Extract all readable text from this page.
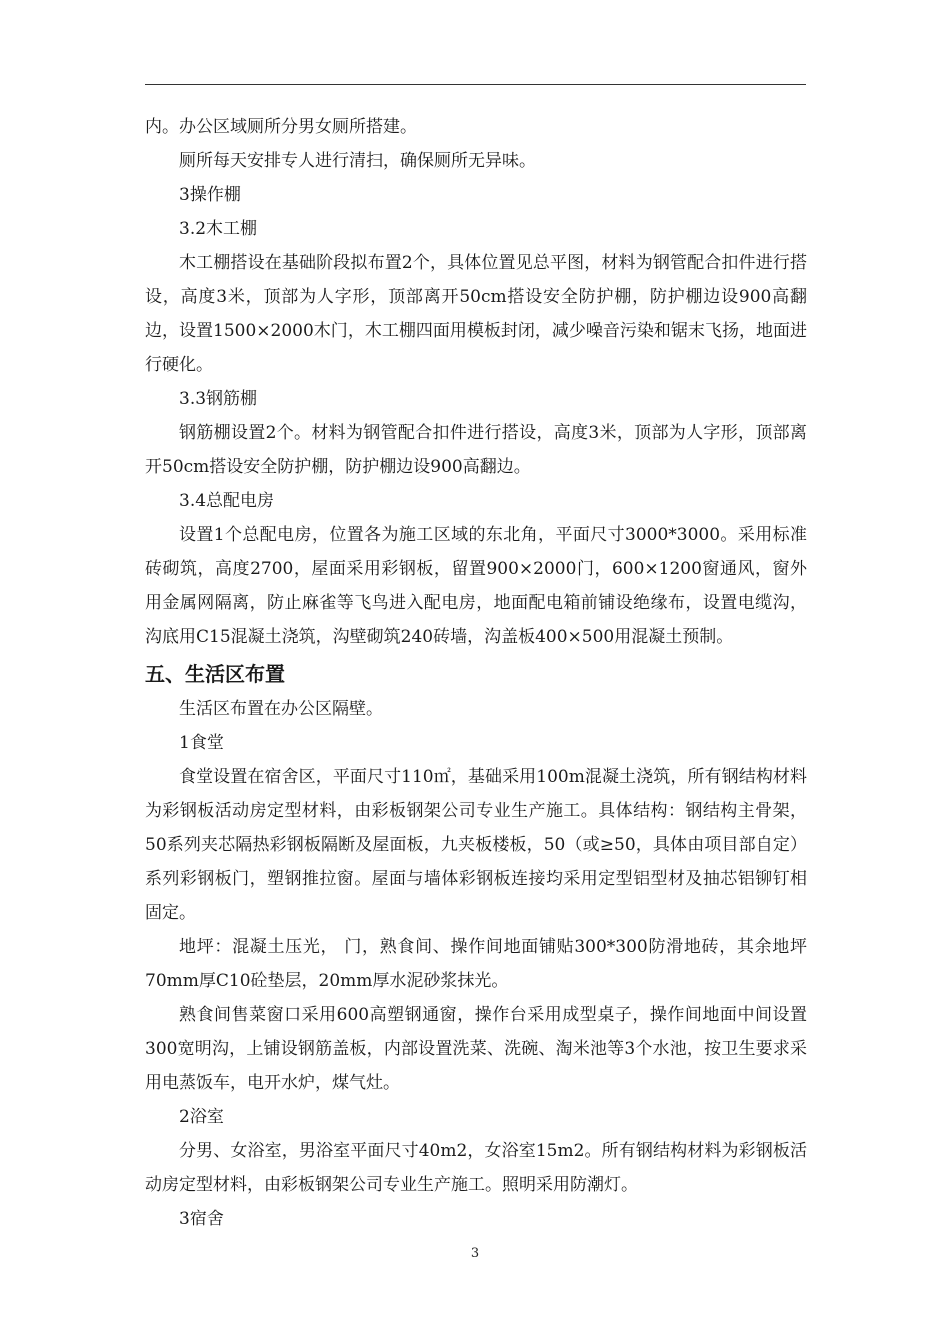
内。办公区域厕所分男女厕所搭建。

厕所每天安排专人进行清扫，确保厕所无异味。

3操作棚

3.2木工棚

木工棚搭设在基础阶段拟布置2个，具体位置见总平图，材料为钢管配合扣件进行搭设，高度3米，顶部为人字形，顶部离开50cm搭设安全防护棚，防护棚边设900高翻边，设置1500×2000木门，木工棚四面用模板封闭，减少噪音污染和锯末飞扬，地面进行硬化。

3.3钢筋棚

钢筋棚设置2个。材料为钢管配合扣件进行搭设，高度3米，顶部为人字形，顶部离开50cm搭设安全防护棚，防护棚边设900高翻边。

3.4总配电房

设置1个总配电房，位置各为施工区域的东北角，平面尺寸3000*3000。采用标准砖砌筑，高度2700，屋面采用彩钢板，留置900×2000门，600×1200窗通风，窗外用金属网隔离，防止麻雀等飞鸟进入配电房，地面配电箱前铺设绝缘布，设置电缆沟，沟底用C15混凝土浇筑，沟壁砌筑240砖墙，沟盖板400×500用混凝土预制。

五、生活区布置

生活区布置在办公区隔壁。

1食堂

食堂设置在宿舍区，平面尺寸110㎡，基础采用100m混凝土浇筑，所有钢结构材料为彩钢板活动房定型材料，由彩板钢架公司专业生产施工。具体结构：钢结构主骨架，50系列夹芯隔热彩钢板隔断及屋面板，九夹板楼板，50（或≥50，具体由项目部自定）系列彩钢板门，塑钢推拉窗。屋面与墙体彩钢板连接均采用定型铝型材及抽芯铝铆钉相固定。

地坪：混凝土压光， 门，熟食间、操作间地面铺贴300*300防滑地砖，其余地坪70mm厚C10砼垫层，20mm厚水泥砂浆抹光。

熟食间售菜窗口采用600高塑钢通窗，操作台采用成型桌子，操作间地面中间设置300宽明沟，上铺设钢筋盖板，内部设置洗菜、洗碗、淘米池等3个水池，按卫生要求采用电蒸饭车，电开水炉，煤气灶。

2浴室

分男、女浴室，男浴室平面尺寸40m2，女浴室15m2。所有钢结构材料为彩钢板活动房定型材料，由彩板钢架公司专业生产施工。照明采用防潮灯。

3宿舍

3
